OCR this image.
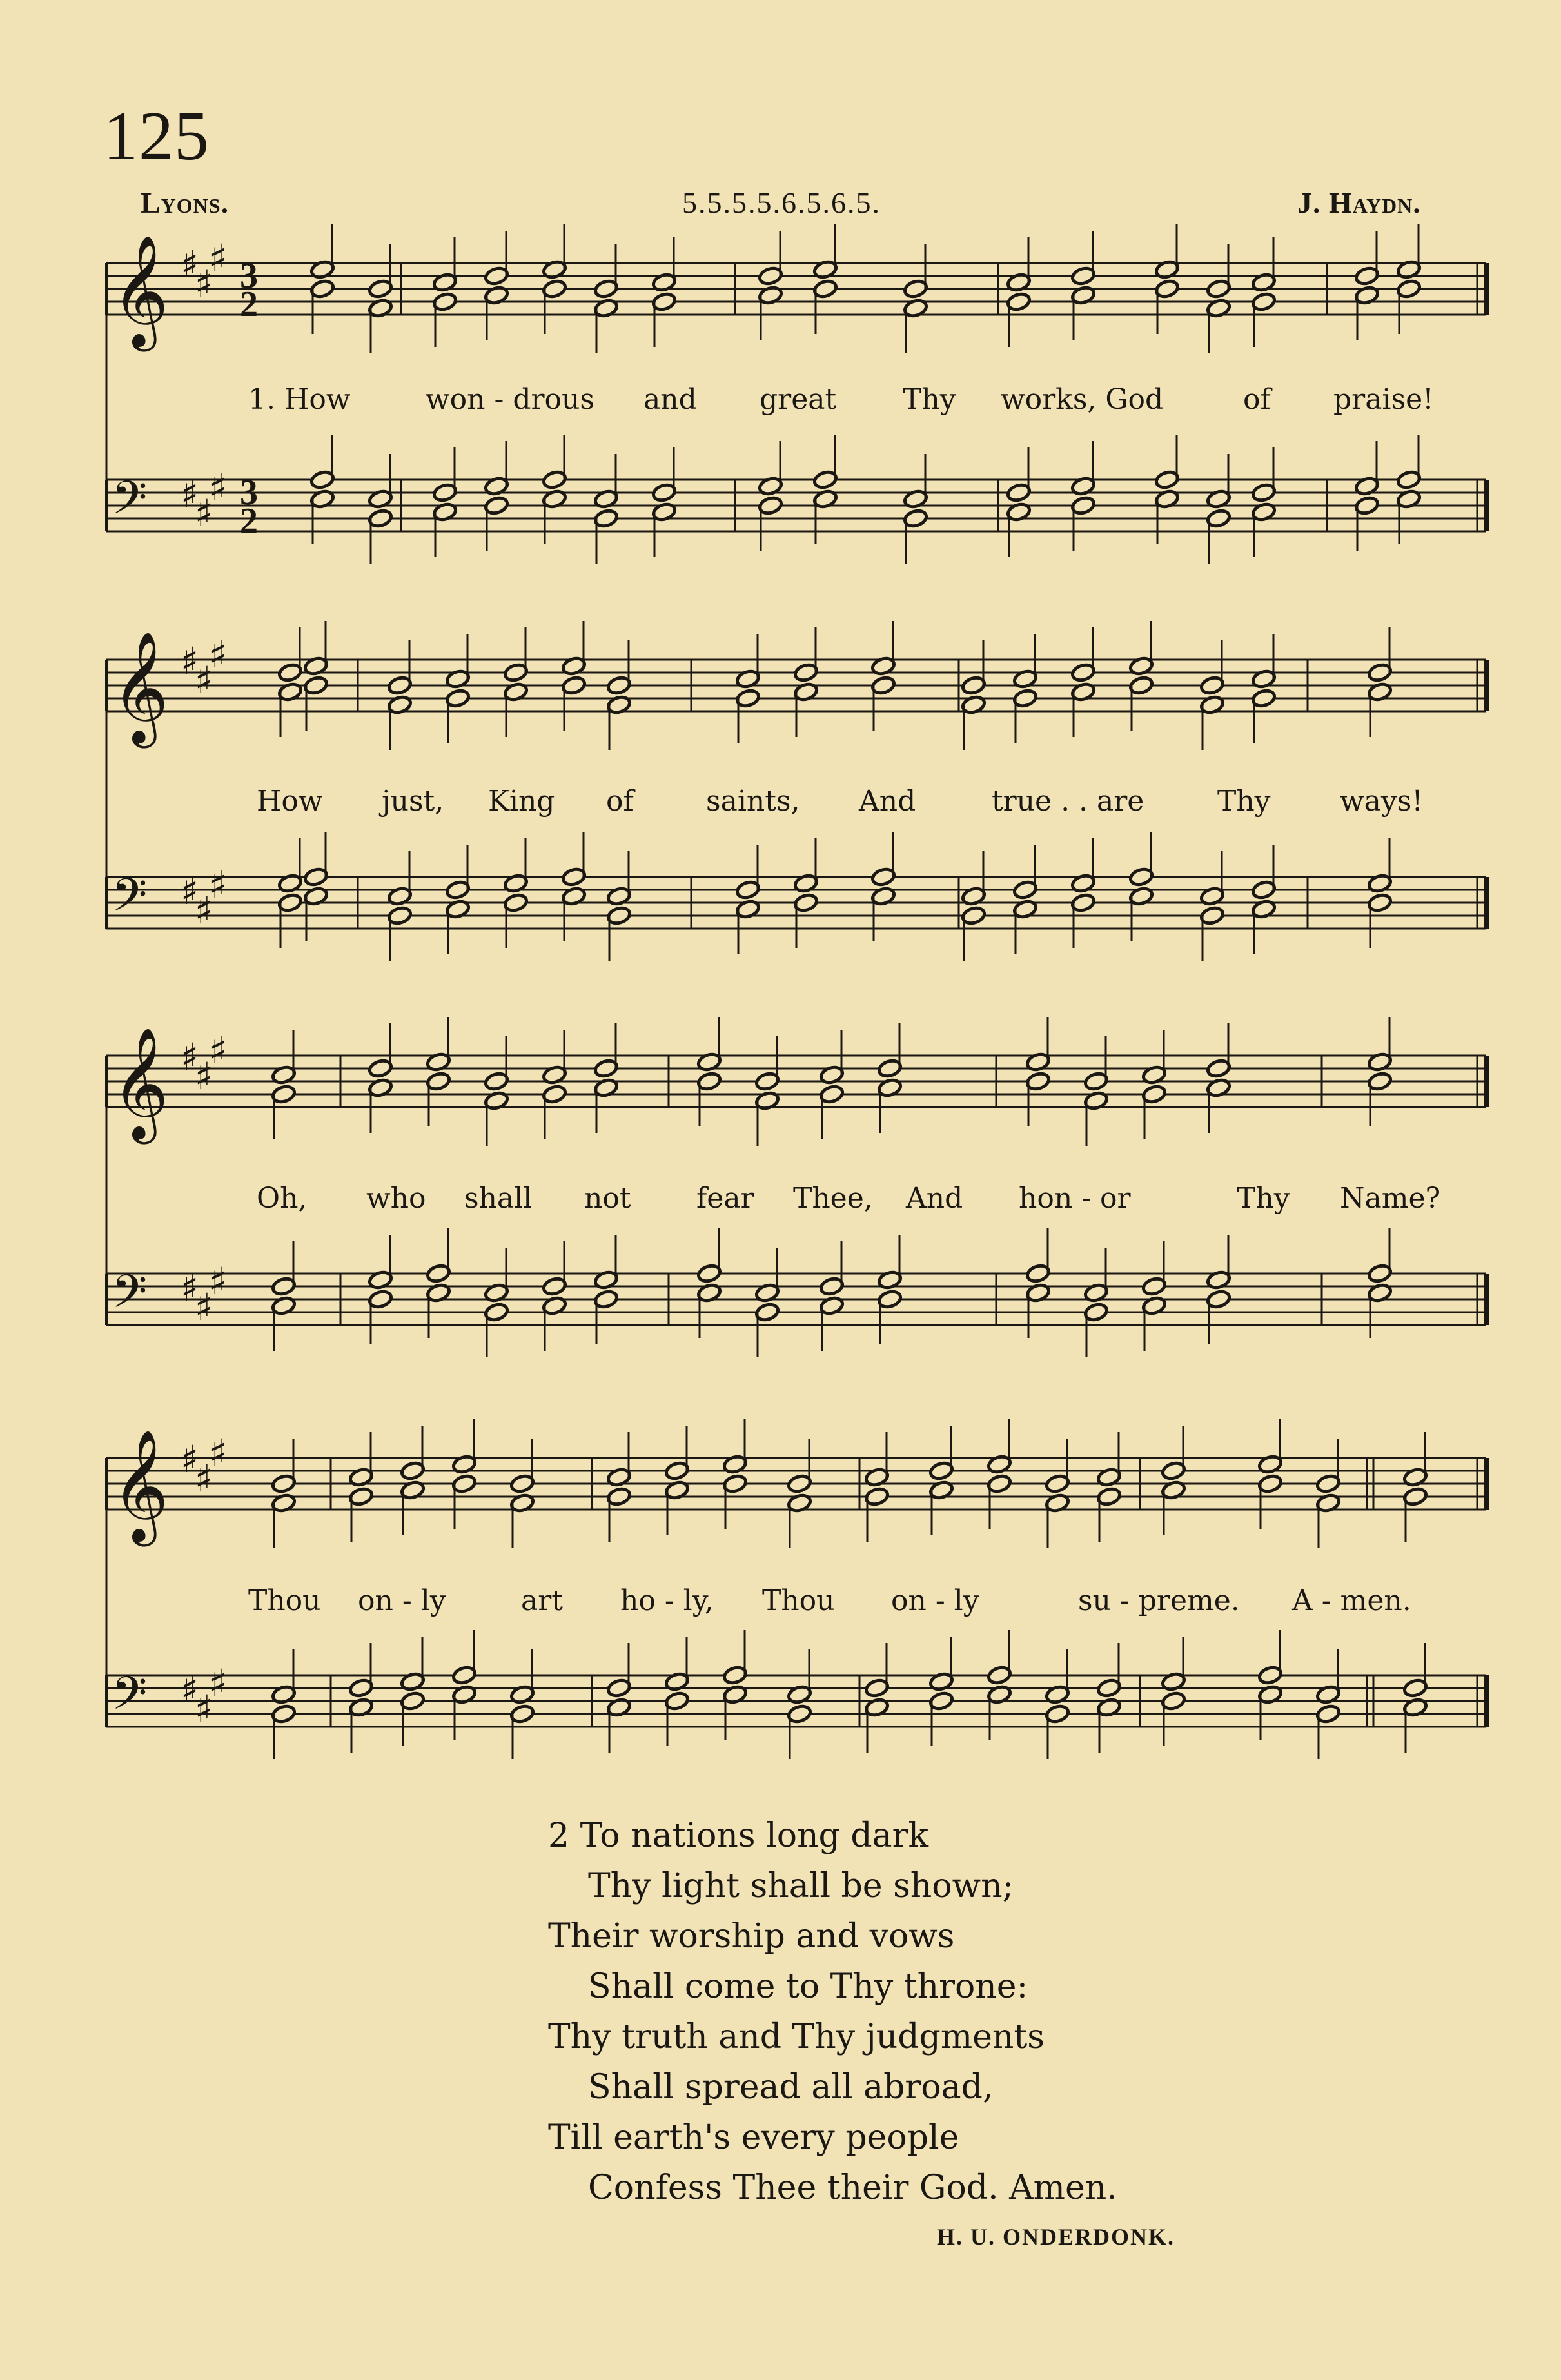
125
Lyons.	5.5.5.5.6.5.6.5.	J. Haydn.
1. How	won - drous and great Thy works, God	of praise!
𝄞 ♯
♯
♯ 3
2
𝄢 ♯
♯
♯ 3
2
How just, King of	saints, And	true . . are	Thy ways!
𝄞 ♯
♯
♯
𝄢 ♯
♯
♯
Oh, who shall not fear Thee, And hon - or	Thy Name?
𝄞 ♯
♯
♯
𝄢 ♯
♯
♯
Thou on - ly	art ho - ly, Thou on - ly	su - preme. A - men.
𝄞 ♯
♯
♯
𝄢 ♯
♯
♯
2 To nations long dark
Thy light shall be shown;
Their worship and vows
Shall come to Thy throne:
Thy truth and Thy judgments
Shall spread all abroad,
Till earth's every people
Confess Thee their God. Amen.
H. U. ONDERDONK.
